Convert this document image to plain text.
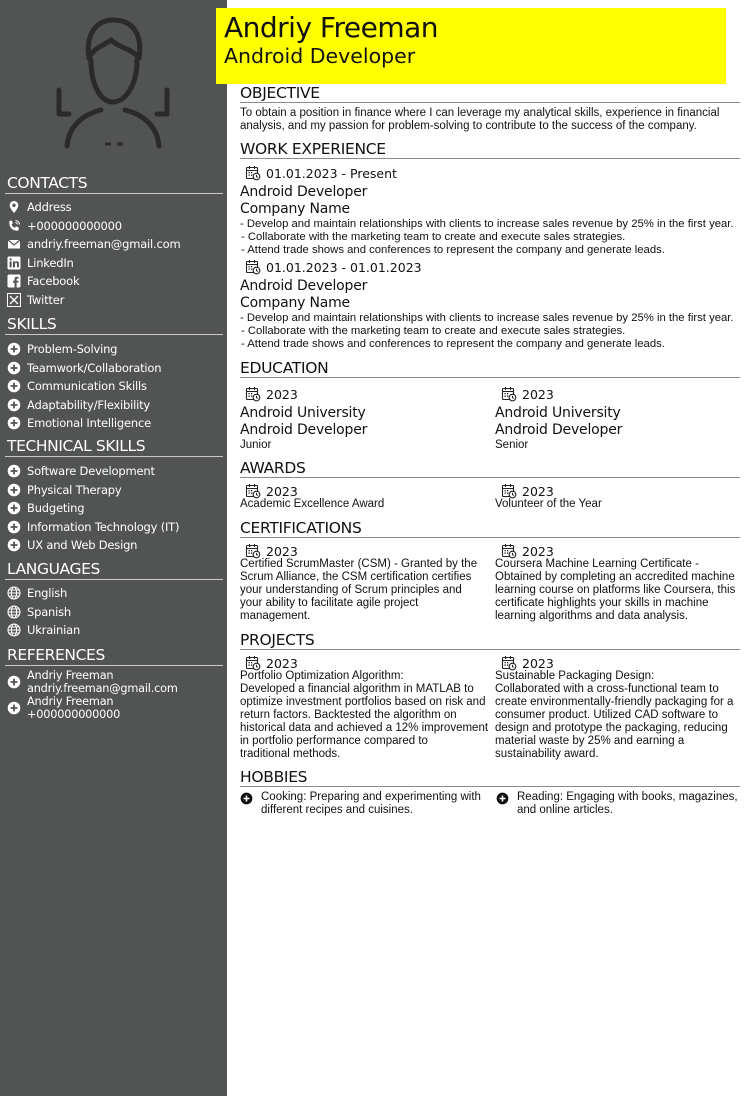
CONTACTS
Address
+000000000000
andriy.freeman@gmail.com
LinkedIn
Facebook
Twitter
SKILLS
Problem-Solving
Teamwork/Collaboration
Communication Skills
Adaptability/Flexibility
Emotional Intelligence
TECHNICAL SKILLS
Software Development
Physical Therapy
Budgeting
Information Technology (IT)
UX and Web Design
LANGUAGES
English
Spanish
Ukrainian
REFERENCES
Andriy Freeman
andriy.freeman@gmail.com
Andriy Freeman
+000000000000
Andriy Freeman
Android Developer
OBJECTIVE
To obtain a position in finance where I can leverage my analytical skills, experience in financial analysis, and my passion for problem-solving to contribute to the success of the company.
WORK EXPERIENCE
01.01.2023 - Present
Android Developer
Company Name
- Develop and maintain relationships with clients to increase sales revenue by 25% in the first year.
- Collaborate with the marketing team to create and execute sales strategies.
- Attend trade shows and conferences to represent the company and generate leads.
01.01.2023 - 01.01.2023
Android Developer
Company Name
- Develop and maintain relationships with clients to increase sales revenue by 25% in the first year.
- Collaborate with the marketing team to create and execute sales strategies.
- Attend trade shows and conferences to represent the company and generate leads.
EDUCATION
2023
Android University
Android Developer
Junior
2023
Android University
Android Developer
Senior
AWARDS
2023
Academic Excellence Award
2023
Volunteer of the Year
CERTIFICATIONS
2023
Certified ScrumMaster (CSM) - Granted by the
Scrum Alliance, the CSM certification certifies
your understanding of Scrum principles and
your ability to facilitate agile project
management.
2023
Coursera Machine Learning Certificate -
Obtained by completing an accredited machine
learning course on platforms like Coursera, this
certificate highlights your skills in machine
learning algorithms and data analysis.
PROJECTS
2023
Portfolio Optimization Algorithm:
Developed a financial algorithm in MATLAB to
optimize investment portfolios based on risk and
return factors. Backtested the algorithm on
historical data and achieved a 12% improvement
in portfolio performance compared to
traditional methods.
2023
Sustainable Packaging Design:
Collaborated with a cross-functional team to
create environmentally-friendly packaging for a
consumer product. Utilized CAD software to
design and prototype the packaging, reducing
material waste by 25% and earning a
sustainability award.
HOBBIES
Cooking: Preparing and experimenting with
different recipes and cuisines.
Reading: Engaging with books, magazines,
and online articles.
